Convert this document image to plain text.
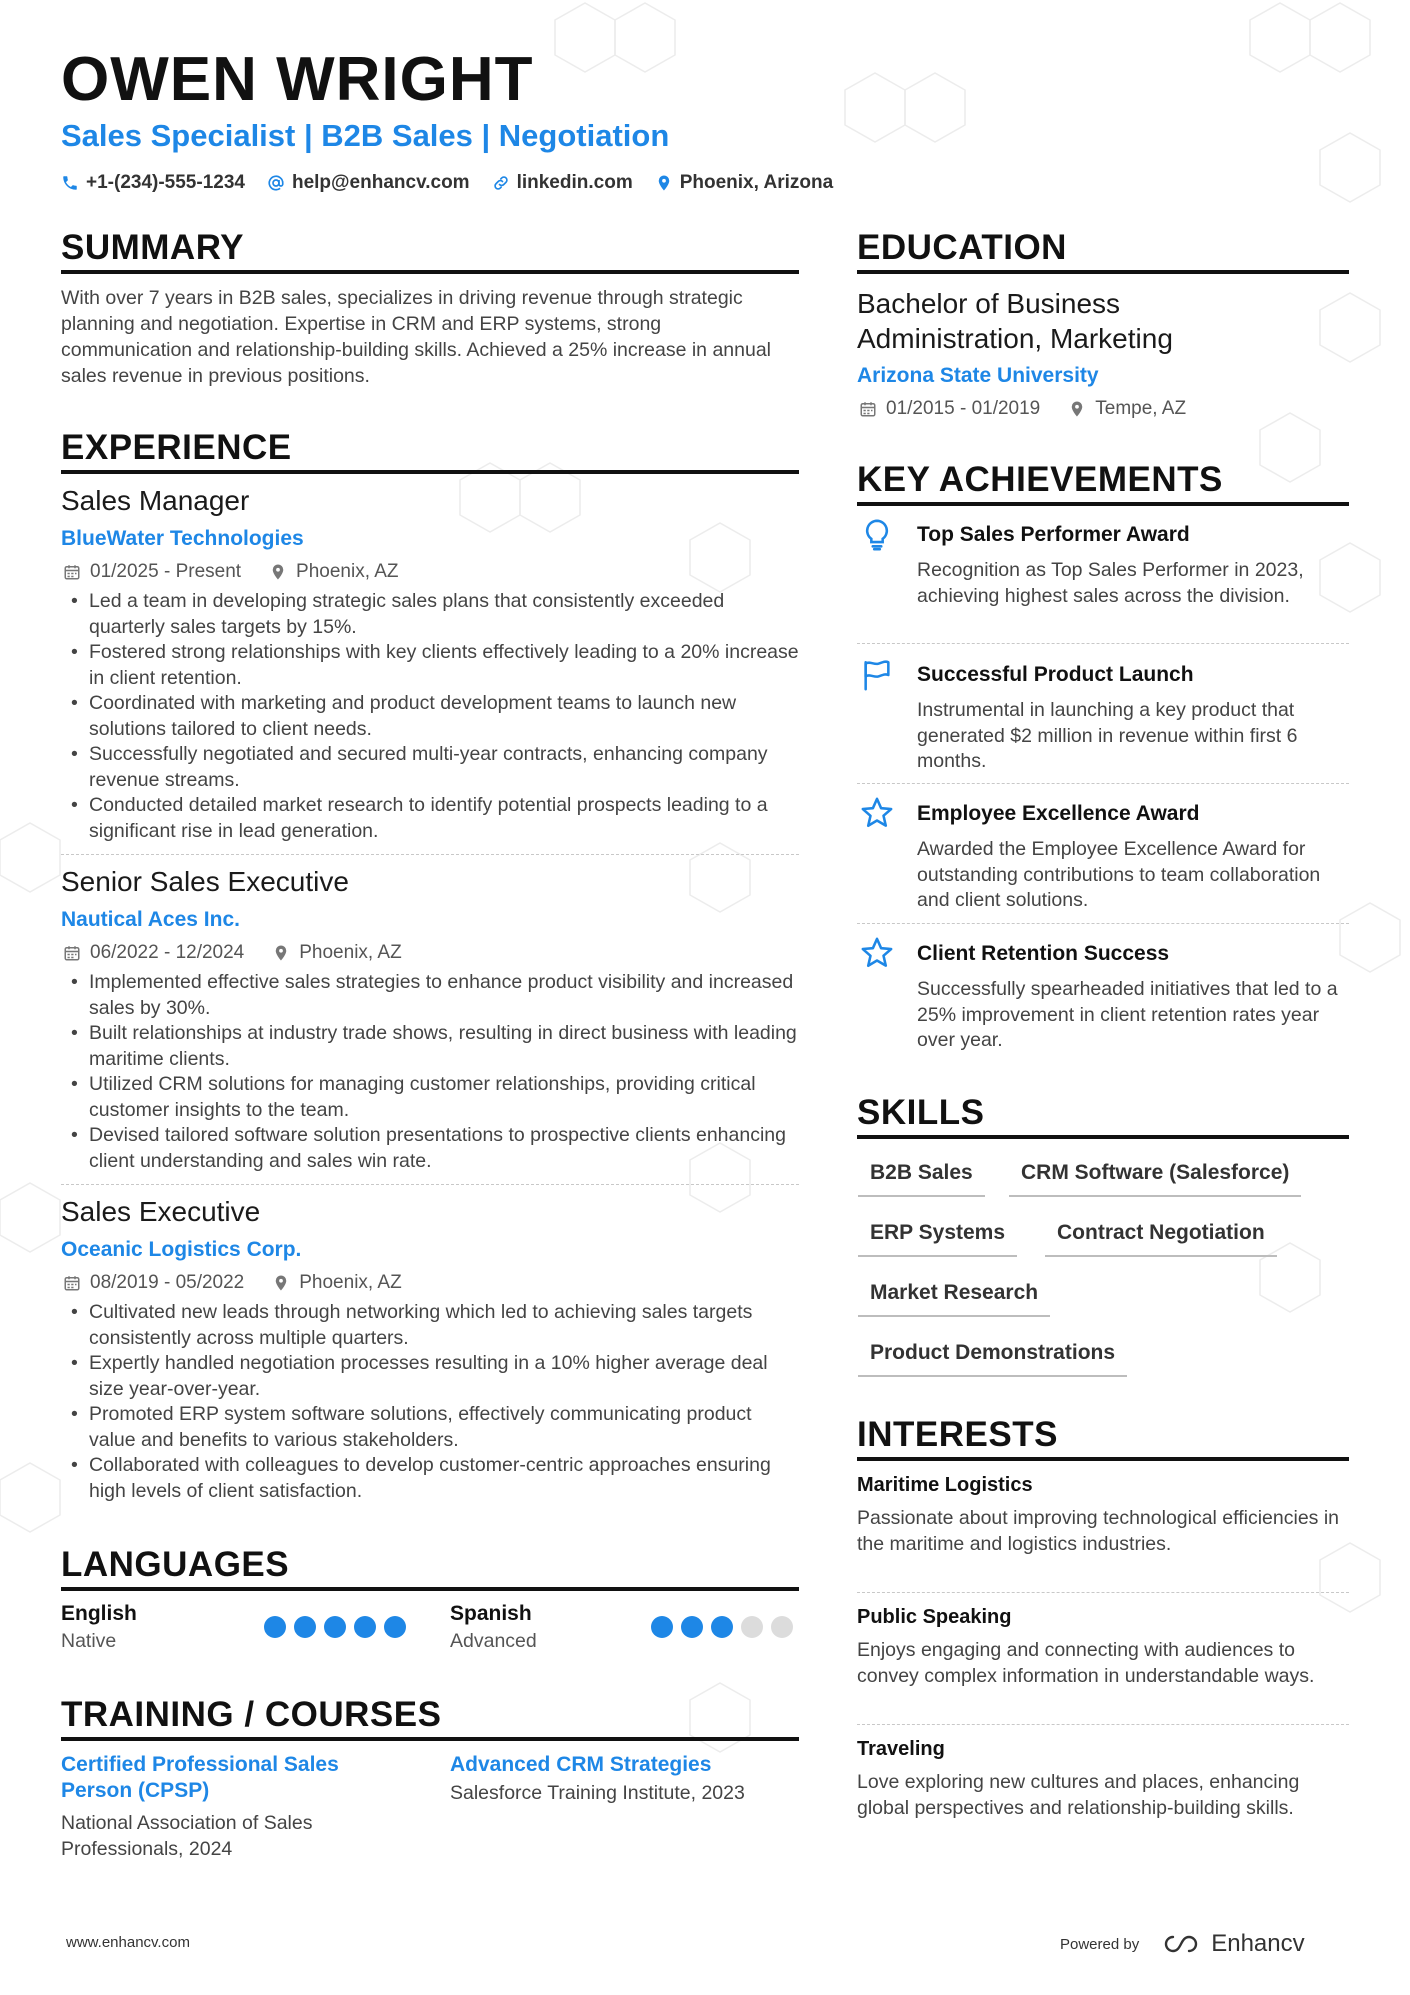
OWEN WRIGHT
Sales Specialist | B2B Sales | Negotiation
+1-(234)-555-1234 help@enhancv.com linkedin.com Phoenix, Arizona
SUMMARY
With over 7 years in B2B sales, specializes in driving revenue through strategic planning and negotiation. Expertise in CRM and ERP systems, strong communication and relationship-building skills. Achieved a 25% increase in annual sales revenue in previous positions.
EXPERIENCE
Sales Manager
BlueWater Technologies
01/2025 - Present	Phoenix, AZ
• Led a team in developing strategic sales plans that consistently exceeded quarterly sales targets by 15%.
• Fostered strong relationships with key clients effectively leading to a 20% increase in client retention.
• Coordinated with marketing and product development teams to launch new solutions tailored to client needs.
• Successfully negotiated and secured multi-year contracts, enhancing company revenue streams.
• Conducted detailed market research to identify potential prospects leading to a significant rise in lead generation.
Senior Sales Executive
Nautical Aces Inc.
06/2022 - 12/2024	Phoenix, AZ
• Implemented effective sales strategies to enhance product visibility and increased sales by 30%.
• Built relationships at industry trade shows, resulting in direct business with leading maritime clients.
• Utilized CRM solutions for managing customer relationships, providing critical customer insights to the team.
• Devised tailored software solution presentations to prospective clients enhancing client understanding and sales win rate.
Sales Executive
Oceanic Logistics Corp.
08/2019 - 05/2022	Phoenix, AZ
• Cultivated new leads through networking which led to achieving sales targets consistently across multiple quarters.
• Expertly handled negotiation processes resulting in a 10% higher average deal size year-over-year.
• Promoted ERP system software solutions, effectively communicating product value and benefits to various stakeholders.
• Collaborated with colleagues to develop customer-centric approaches ensuring high levels of client satisfaction.
LANGUAGES
English
Native
Spanish
Advanced
TRAINING / COURSES
Certified Professional Sales Person (CPSP)
National Association of Sales Professionals, 2024
Advanced CRM Strategies
Salesforce Training Institute, 2023
EDUCATION
Bachelor of Business Administration, Marketing
Arizona State University
01/2015 - 01/2019	Tempe, AZ
KEY ACHIEVEMENTS
Top Sales Performer Award
Recognition as Top Sales Performer in 2023, achieving highest sales across the division.
Successful Product Launch
Instrumental in launching a key product that generated $2 million in revenue within first 6 months.
Employee Excellence Award
Awarded the Employee Excellence Award for outstanding contributions to team collaboration and client solutions.
Client Retention Success
Successfully spearheaded initiatives that led to a 25% improvement in client retention rates year over year.
SKILLS
B2B Sales	CRM Software (Salesforce)
ERP Systems	Contract Negotiation
Market Research
Product Demonstrations
INTERESTS
Maritime Logistics
Passionate about improving technological efficiencies in the maritime and logistics industries.
Public Speaking
Enjoys engaging and connecting with audiences to convey complex information in understandable ways.
Traveling
Love exploring new cultures and places, enhancing global perspectives and relationship-building skills.
www.enhancv.com	Powered by	Enhancv
